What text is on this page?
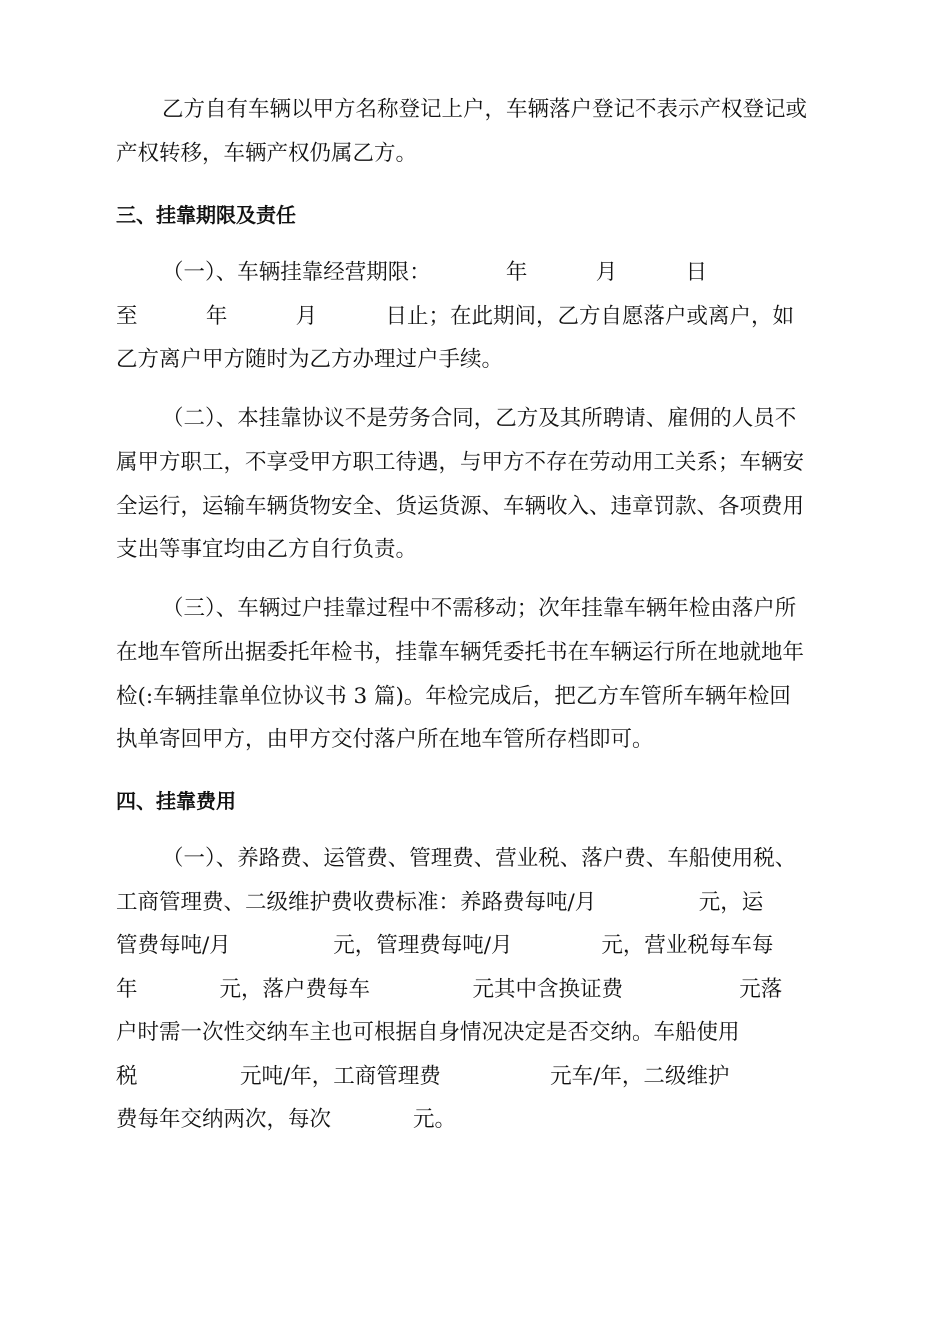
乙方自有车辆以甲方名称登记上户，车辆落户登记不表示产权登记或
产权转移，车辆产权仍属乙方。
三、挂靠期限及责任
（一）、车辆挂靠经营期限：           年          月          日
至          年          月          日止；在此期间，乙方自愿落户或离户，如
乙方离户甲方随时为乙方办理过户手续。
（二）、本挂靠协议不是劳务合同，乙方及其所聘请、雇佣的人员不
属甲方职工，不享受甲方职工待遇，与甲方不存在劳动用工关系；车辆安
全运行，运输车辆货物安全、货运货源、车辆收入、违章罚款、各项费用
支出等事宜均由乙方自行负责。
（三）、车辆过户挂靠过程中不需移动；次年挂靠车辆年检由落户所
在地车管所出据委托年检书，挂靠车辆凭委托书在车辆运行所在地就地年
检(:车辆挂靠单位协议书 3 篇)。年检完成后，把乙方车管所车辆年检回
执单寄回甲方，由甲方交付落户所在地车管所存档即可。
四、挂靠费用
（一）、养路费、运管费、管理费、营业税、落户费、车船使用税、
工商管理费、二级维护费收费标准：养路费每吨/月               元，运
管费每吨/月               元，管理费每吨/月             元，营业税每车每
年            元，落户费每车               元其中含换证费                 元落
户时需一次性交纳车主也可根据自身情况决定是否交纳。车船使用
税               元吨/年，工商管理费                元车/年，二级维护
费每年交纳两次，每次            元。
